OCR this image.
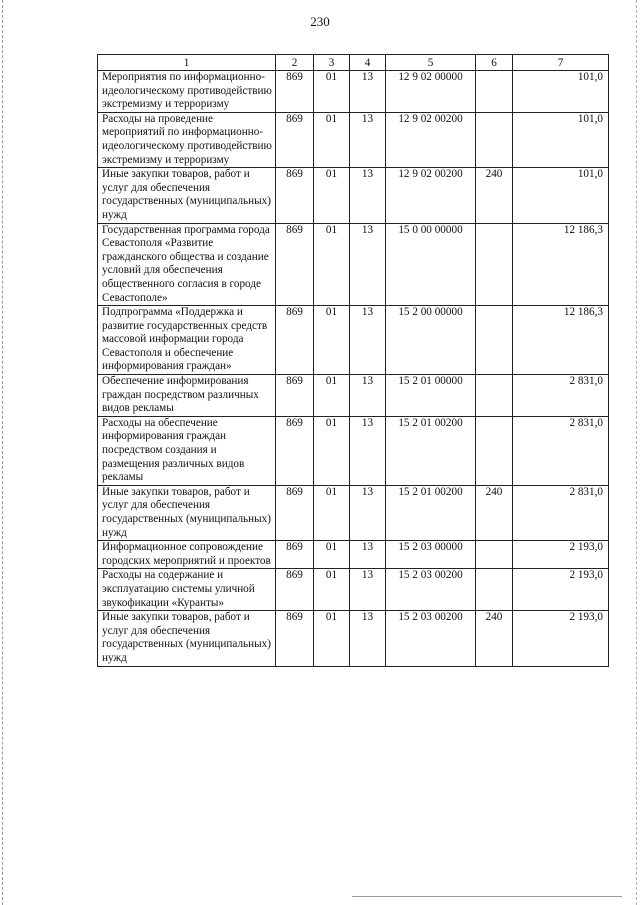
230
1	2	3	4	5	6	7
Мероприятия по информационно-идеологическому противодействию экстремизму и терроризму	869	01	13	12 9 02 00000		101,0
Расходы на проведение мероприятий по информационно-идеологическому противодействию экстремизму и терроризму	869	01	13	12 9 02 00200		101,0
Иные закупки товаров, работ и услуг для обеспечения государственных (муниципальных) нужд	869	01	13	12 9 02 00200	240	101,0
Государственная программа города Севастополя «Развитие гражданского общества и создание условий для обеспечения общественного согласия в городе Севастополе»	869	01	13	15 0 00 00000		12 186,3
Подпрограмма «Поддержка и развитие государственных средств массовой информации города Севастополя и обеспечение информирования граждан»	869	01	13	15 2 00 00000		12 186,3
Обеспечение информирования граждан посредством различных видов рекламы	869	01	13	15 2 01 00000		2 831,0
Расходы на обеспечение информирования граждан посредством создания и размещения различных видов рекламы	869	01	13	15 2 01 00200		2 831,0
Иные закупки товаров, работ и услуг для обеспечения государственных (муниципальных) нужд	869	01	13	15 2 01 00200	240	2 831,0
Информационное сопровождение городских мероприятий и проектов	869	01	13	15 2 03 00000		2 193,0
Расходы на содержание и эксплуатацию системы уличной звукофикации «Куранты»	869	01	13	15 2 03 00200		2 193,0
Иные закупки товаров, работ и услуг для обеспечения государственных (муниципальных) нужд	869	01	13	15 2 03 00200	240	2 193,0
